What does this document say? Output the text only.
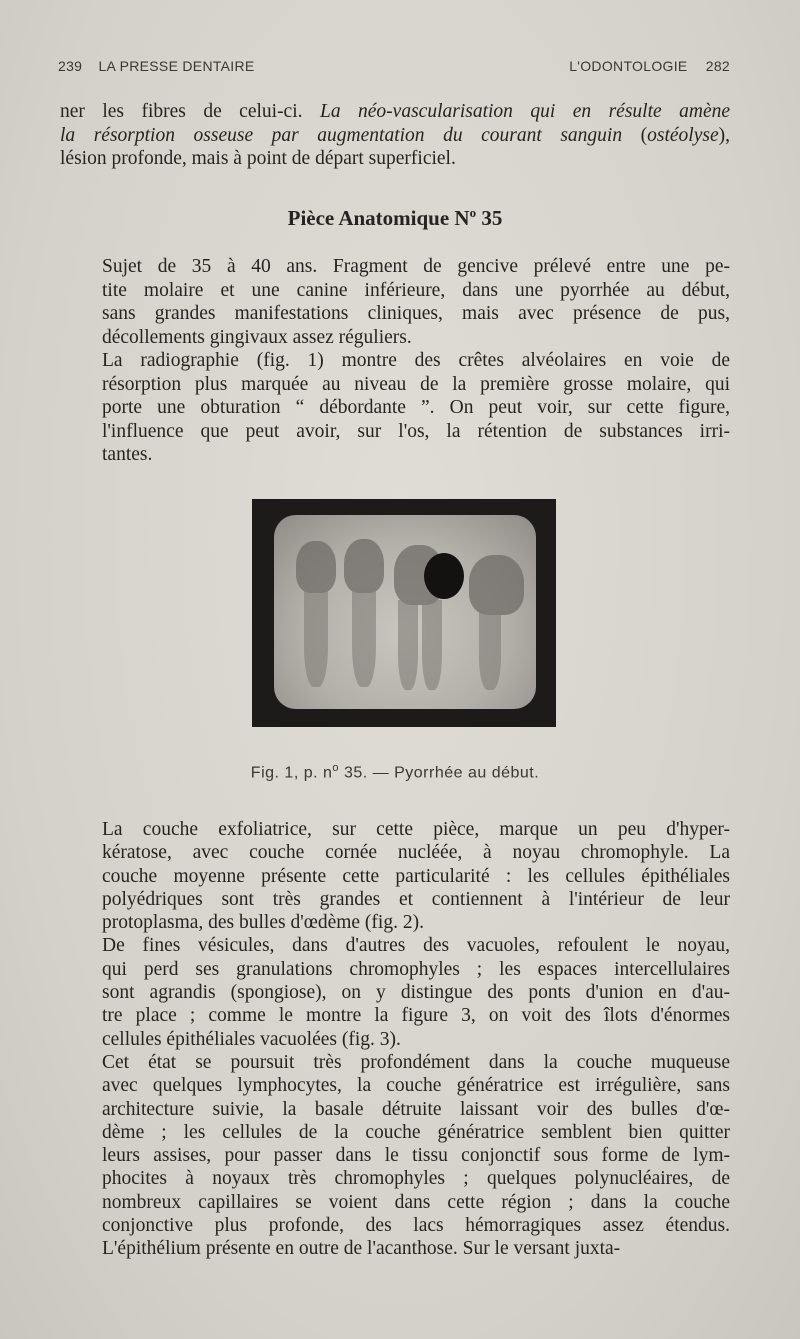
239 LA PRESSE DENTAIRE	L'ODONTOLOGIE 282
ner les fibres de celui-ci. La néo-vascularisation qui en résulte amène
la résorption osseuse par augmentation du courant sanguin (ostéolyse),
lésion profonde, mais à point de départ superficiel.
Pièce Anatomique $N^o$ 35

Sujet de 35 à 40 ans. Fragment de gencive prélevé entre une pe-
tite molaire et une canine inférieure, dans une pyorrhée au début,
sans grandes manifestations cliniques, mais avec présence de pus,
décollements gingivaux assez réguliers.

La radiographie (fig. 1) montre des crêtes alvéolaires en voie de
résorption plus marquée au niveau de la première grosse molaire, qui
porte une obturation “ débordante ”. On peut voir, sur cette figure,
l'influence que peut avoir, sur l'os, la rétention de substances irri-
tantes.

Fig. 1, p. $n^o$ 35. — Pyorrhée au début.

La couche exfoliatrice, sur cette pièce, marque un peu d'hyper-
kératose, avec couche cornée nucléée, à noyau chromophyle. La
couche moyenne présente cette particularité : les cellules épithéliales
polyédriques sont très grandes et contiennent à l'intérieur de leur
protoplasma, des bulles d'œdème (fig. 2).

De fines vésicules, dans d'autres des vacuoles, refoulent le noyau,
qui perd ses granulations chromophyles ; les espaces intercellulaires
sont agrandis (spongiose), on y distingue des ponts d'union en d'au-
tre place ; comme le montre la figure 3, on voit des îlots d'énormes
cellules épithéliales vacuolées (fig. 3).

Cet état se poursuit très profondément dans la couche muqueuse
avec quelques lymphocytes, la couche génératrice est irrégulière, sans
architecture suivie, la basale détruite laissant voir des bulles d'œ-
dème ; les cellules de la couche génératrice semblent bien quitter
leurs assises, pour passer dans le tissu conjonctif sous forme de lym-
phocites à noyaux très chromophyles ; quelques polynucléaires, de
nombreux capillaires se voient dans cette région ; dans la couche
conjonctive plus profonde, des lacs hémorragiques assez étendus.
L'épithélium présente en outre de l'acanthose. Sur le versant juxta-
